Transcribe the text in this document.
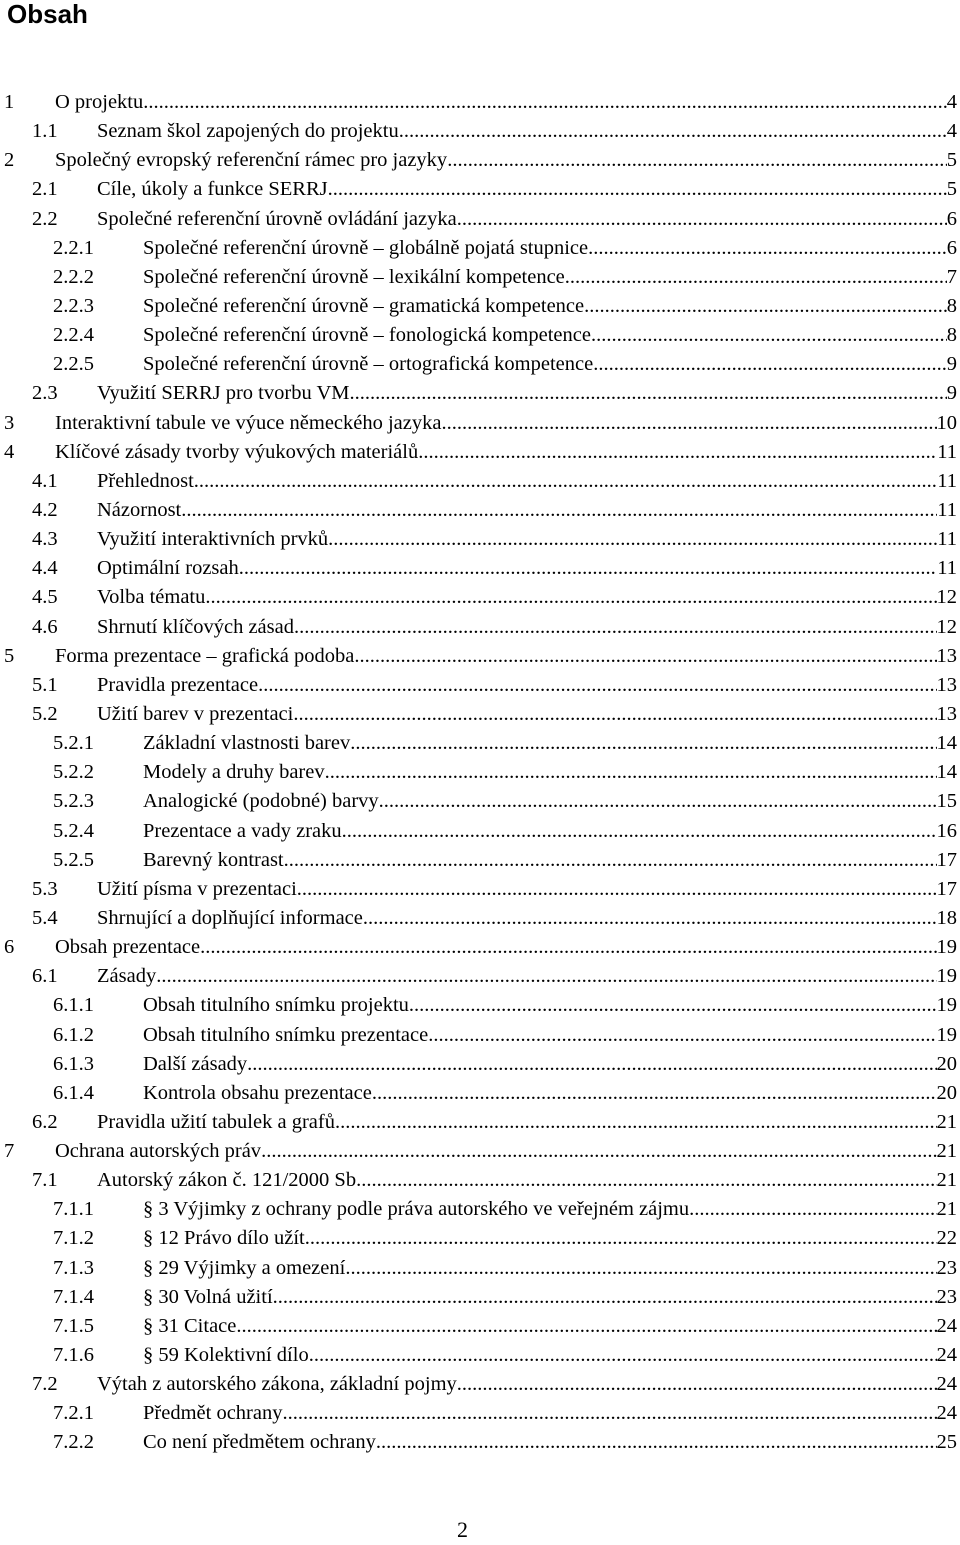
Obsah
1	O projektu .....	4
1.1	Seznam škol zapojených do projektu .....	4
2	Společný evropský referenční rámec pro jazyky .....	5
2.1	Cíle, úkoly a funkce SERRJ .....	5
2.2	Společné referenční úrovně ovládání jazyka .....	6
2.2.1	Společné referenční úrovně – globálně pojatá stupnice .....	6
2.2.2	Společné referenční úrovně – lexikální kompetence .....	7
2.2.3	Společné referenční úrovně – gramatická kompetence .....	8
2.2.4	Společné referenční úrovně – fonologická kompetence .....	8
2.2.5	Společné referenční úrovně – ortografická kompetence .....	9
2.3	Využití SERRJ pro tvorbu VM .....	9
3	Interaktivní tabule ve výuce německého jazyka .....	10
4	Klíčové zásady tvorby výukových materiálů .....	11
4.1	Přehlednost .....	11
4.2	Názornost .....	11
4.3	Využití interaktivních prvků .....	11
4.4	Optimální rozsah .....	11
4.5	Volba tématu .....	12
4.6	Shrnutí klíčových zásad .....	12
5	Forma prezentace – grafická podoba .....	13
5.1	Pravidla prezentace .....	13
5.2	Užití barev v prezentaci .....	13
5.2.1	Základní vlastnosti barev .....	14
5.2.2	Modely a druhy barev .....	14
5.2.3	Analogické (podobné) barvy .....	15
5.2.4	Prezentace a vady zraku .....	16
5.2.5	Barevný kontrast .....	17
5.3	Užití písma v prezentaci .....	17
5.4	Shrnující a doplňující informace .....	18
6	Obsah prezentace .....	19
6.1	Zásady .....	19
6.1.1	Obsah titulního snímku projektu .....	19
6.1.2	Obsah titulního snímku prezentace .....	19
6.1.3	Další zásady .....	20
6.1.4	Kontrola obsahu prezentace .....	20
6.2	Pravidla užití tabulek a grafů .....	21
7	Ochrana autorských práv .....	21
7.1	Autorský zákon č. 121/2000 Sb. .....	21
7.1.1	§ 3 Výjimky z ochrany podle práva autorského ve veřejném zájmu .....	21
7.1.2	§ 12 Právo dílo užít .....	22
7.1.3	§ 29 Výjimky a omezení .....	23
7.1.4	§ 30 Volná užití .....	23
7.1.5	§ 31 Citace .....	24
7.1.6	§ 59 Kolektivní dílo .....	24
7.2	Výtah z autorského zákona, základní pojmy .....	24
7.2.1	Předmět ochrany .....	24
7.2.2	Co není předmětem ochrany .....	25
2
